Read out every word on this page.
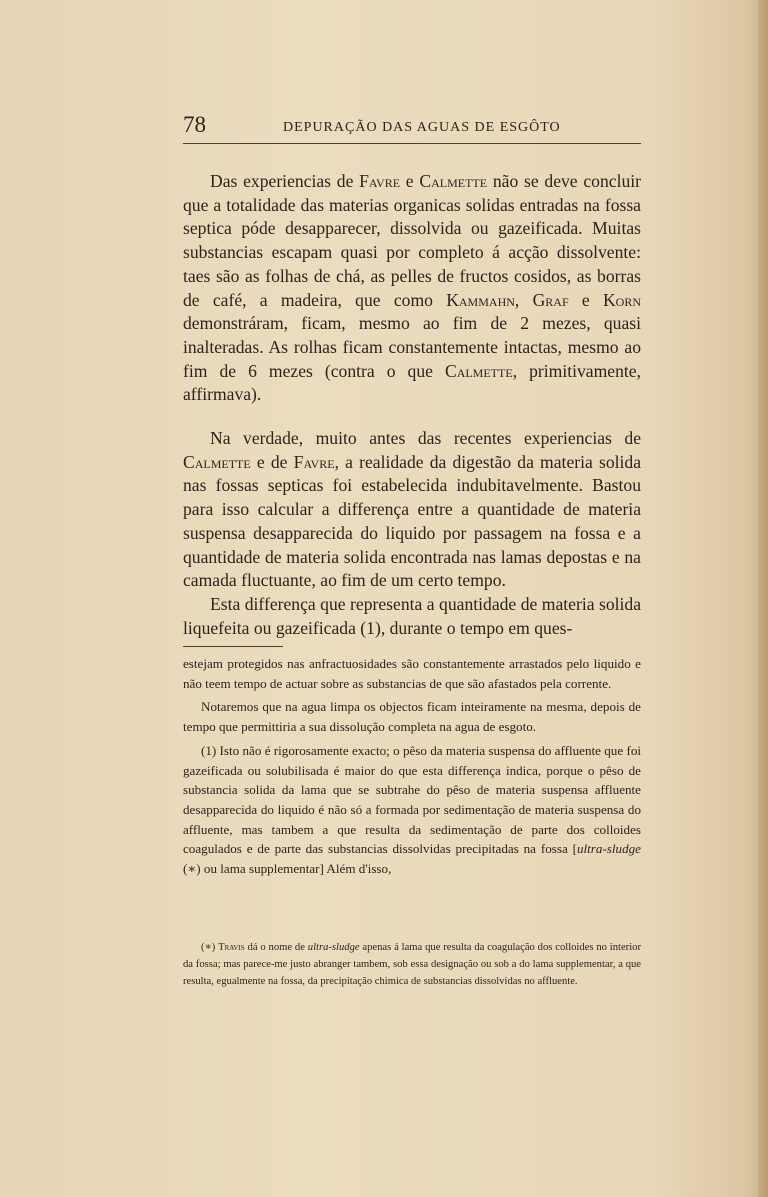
78	DEPURAÇÃO DAS AGUAS DE ESGÔTO

Das experiencias de Favre e Calmette não se deve concluir que a totalidade das materias organicas solidas entradas na fossa septica póde desapparecer, dissolvida ou gazeificada. Muitas substancias escapam quasi por completo á acção dissolvente: taes são as folhas de chá, as pelles de fructos cosidos, as borras de café, a madeira, que como Kammahn, Graf e Korn demonstráram, ficam, mesmo ao fim de 2 mezes, quasi inalteradas. As rolhas ficam constantemente intactas, mesmo ao fim de 6 mezes (contra o que Calmette, primitivamente, affirmava).

Na verdade, muito antes das recentes experiencias de Calmette e de Favre, a realidade da digestão da materia solida nas fossas septicas foi estabelecida indubitavelmente. Bastou para isso calcular a differença entre a quantidade de materia suspensa desapparecida do liquido por passagem na fossa e a quantidade de materia solida encontrada nas lamas depostas e na camada fluctuante, ao fim de um certo tempo.

Esta differença que representa a quantidade de materia solida liquefeita ou gazeificada (1), durante o tempo em ques-

estejam protegidos nas anfractuosidades são constantemente arrastados pelo liquido e não teem tempo de actuar sobre as substancias de que são afastados pela corrente.

Notaremos que na agua limpa os objectos ficam inteiramente na mesma, depois de tempo que permittiria a sua dissolução completa na agua de esgoto.

(1) Isto não é rigorosamente exacto; o pêso da materia suspensa do affluente que foi gazeificada ou solubilisada é maior do que esta differença indica, porque o pêso de substancia solida da lama que se subtrahe do pêso de materia suspensa affluente desapparecida do liquido é não só a formada por sedimentação de materia suspensa do affluente, mas tambem a que resulta da sedimentação de parte dos colloides coagulados e de parte das substancias dissolvidas precipitadas na fossa [ultra-sludge (∗) ou lama supplementar] Além d'isso,

(∗) Travis dá o nome de ultra-sludge apenas á lama que resulta da coagulação dos colloides no interior da fossa; mas parece-me justo abranger tambem, sob essa designação ou sob a do lama supplementar, a que resulta, egualmente na fossa, da precipitação chimica de substancias dissolvidas no affluente.
